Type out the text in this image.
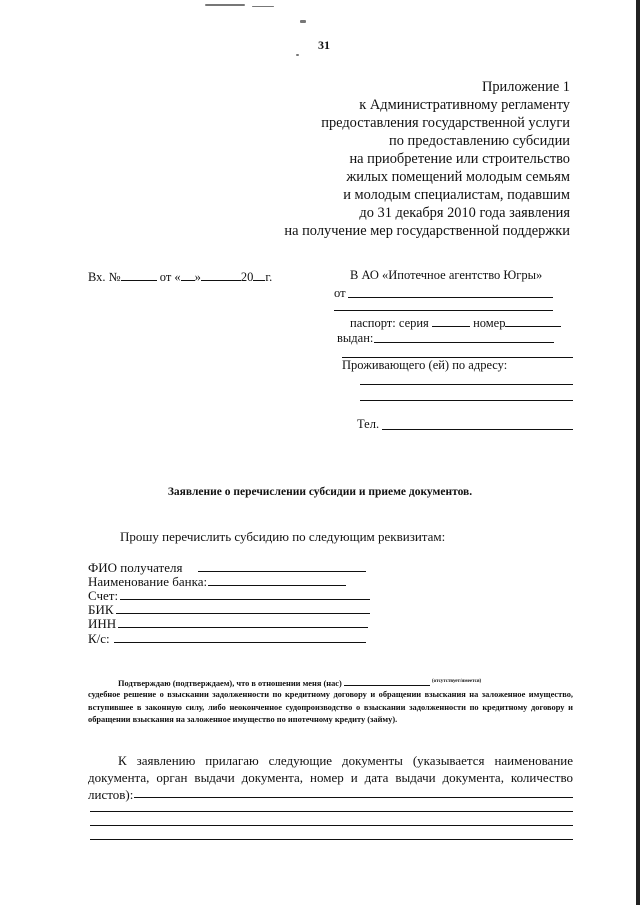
31
Приложение 1
к Административному регламенту
предоставления государственной услуги
по предоставлению субсидии
на приобретение или строительство
жилых помещений молодым семьям
и молодым специалистам, подавшим
до 31 декабря 2010 года заявления
на получение мер государственной поддержки
Вх. №	от « »	20 г.	В АО «Ипотечное агентство Югры»
от
паспорт: серия	номер
выдан:
Проживающего (ей) по адресу:
Тел.
Заявление о перечислении субсидии и приеме документов.
Прошу перечислить субсидию по следующим реквизитам:
ФИО получателя
Наименование банка:
Счет:
БИК
ИНН
К/с:
Подтверждаю (подтверждаем), что в отношении меня (нас)	$^{(отсутствует/имеется)}$
судебное решение о взыскании задолженности по кредитному договору и обращении взыскания на заложенное имущество, вступившее в законную силу, либо неоконченное судопроизводство о взыскании задолженности по кредитному договору и обращении взыскания на заложенное имущество по ипотечному кредиту (займу).
К заявлению прилагаю следующие документы (указывается наименование документа, орган выдачи документа, номер и дата выдачи документа, количество листов):
